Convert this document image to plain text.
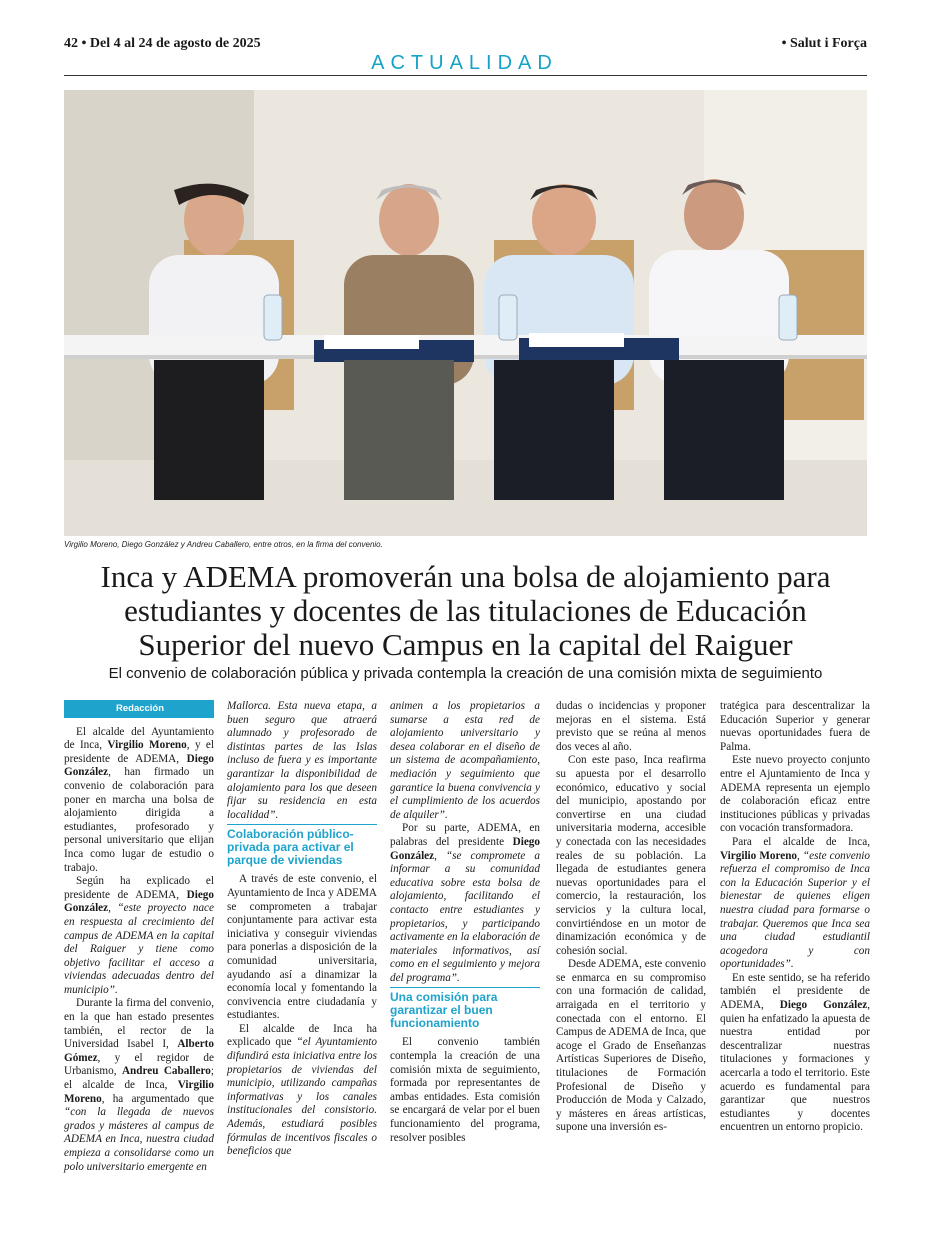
42 • Del 4 al 24 de agosto de 2025	• Salut i Força
ACTUALIDAD
Virgilio Moreno, Diego González y Andreu Caballero, entre otros, en la firma del convenio.
Inca y ADEMA promoverán una bolsa de alojamiento para
estudiantes y docentes de las titulaciones de Educación
Superior del nuevo Campus en la capital del Raiguer
El convenio de colaboración pública y privada contempla la creación de una comisión mixta de seguimiento
Redacción

El alcalde del Ayuntamiento de Inca, Virgilio Moreno, y el presidente de ADEMA, Diego González, han firmado un convenio de colaboración para poner en marcha una bolsa de alojamiento dirigida a estudiantes, profesorado y personal universitario que elijan Inca como lugar de estudio o trabajo.

Según ha explicado el presidente de ADEMA, Diego González, “este proyecto nace en respuesta al crecimiento del campus de ADEMA en la capital del Raiguer y tiene como objetivo facilitar el acceso a viviendas adecuadas dentro del municipio”.

Durante la firma del convenio, en la que han estado presentes también, el rector de la Universidad Isabel I, Alberto Gómez, y el regidor de Urbanismo, Andreu Caballero; el alcalde de Inca, Virgilio Moreno, ha argumentado que “con la llegada de nuevos grados y másteres al campus de ADEMA en Inca, nuestra ciudad empieza a consolidarse como un polo universitario emergente en

Mallorca. Esta nueva etapa, a buen seguro que atraerá alumnado y profesorado de distintas partes de las Islas incluso de fuera y es importante garantizar la disponibilidad de alojamiento para los que deseen fijar su residencia en esta localidad”.

Colaboración público-privada para activar el parque de viviendas

A través de este convenio, el Ayuntamiento de Inca y ADEMA se comprometen a trabajar conjuntamente para activar esta iniciativa y conseguir viviendas para ponerlas a disposición de la comunidad universitaria, ayudando así a dinamizar la economía local y fomentando la convivencia entre ciudadanía y estudiantes.

El alcalde de Inca ha explicado que “el Ayuntamiento difundirá esta iniciativa entre los propietarios de viviendas del municipio, utilizando campañas informativas y los canales institucionales del consistorio. Además, estudiará posibles fórmulas de incentivos fiscales o beneficios que

animen a los propietarios a sumarse a esta red de alojamiento universitario y desea colaborar en el diseño de un sistema de acompañamiento, mediación y seguimiento que garantice la buena convivencia y el cumplimiento de los acuerdos de alquiler”.

Por su parte, ADEMA, en palabras del presidente Diego González, “se compromete a informar a su comunidad educativa sobre esta bolsa de alojamiento, facilitando el contacto entre estudiantes y propietarios, y participando activamente en la elaboración de materiales informativos, así como en el seguimiento y mejora del programa”.

Una comisión para garantizar el buen funcionamiento

El convenio también contempla la creación de una comisión mixta de seguimiento, formada por representantes de ambas entidades. Esta comisión se encargará de velar por el buen funcionamiento del programa, resolver posibles

dudas o incidencias y proponer mejoras en el sistema. Está previsto que se reúna al menos dos veces al año.

Con este paso, Inca reafirma su apuesta por el desarrollo económico, educativo y social del municipio, apostando por convertirse en una ciudad universitaria moderna, accesible y conectada con las necesidades reales de su población. La llegada de estudiantes genera nuevas oportunidades para el comercio, la restauración, los servicios y la cultura local, convirtiéndose en un motor de dinamización económica y de cohesión social.

Desde ADEMA, este convenio se enmarca en su compromiso con una formación de calidad, arraigada en el territorio y conectada con el entorno. El Campus de ADEMA de Inca, que acoge el Grado de Enseñanzas Artísticas Superiores de Diseño, titulaciones de Formación Profesional de Diseño y Producción de Moda y Calzado, y másteres en áreas artísticas, supone una inversión es-

tratégica para descentralizar la Educación Superior y generar nuevas oportunidades fuera de Palma.

Este nuevo proyecto conjunto entre el Ajuntamiento de Inca y ADEMA representa un ejemplo de colaboración eficaz entre instituciones públicas y privadas con vocación transformadora.

Para el alcalde de Inca, Virgilio Moreno, “este convenio refuerza el compromiso de Inca con la Educación Superior y el bienestar de quienes eligen nuestra ciudad para formarse o trabajar. Queremos que Inca sea una ciudad estudiantil acogedora y con oportunidades”.

En este sentido, se ha referido también el presidente de ADEMA, Diego González, quien ha enfatizado la apuesta de nuestra entidad por descentralizar nuestras titulaciones y formaciones y acercarla a todo el territorio. Este acuerdo es fundamental para garantizar que nuestros estudiantes y docentes encuentren un entorno propicio.
